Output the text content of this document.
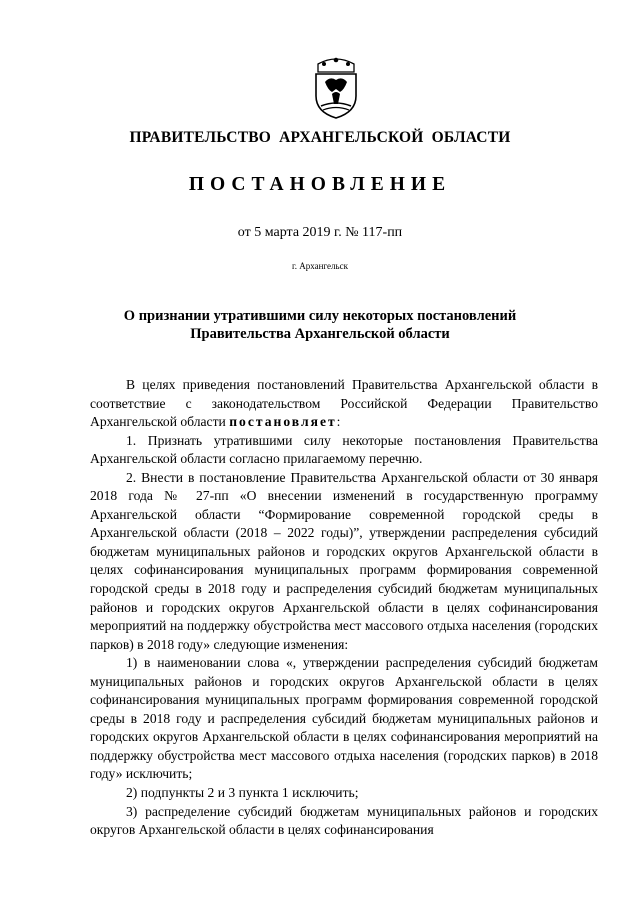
ПРАВИТЕЛЬСТВО АРХАНГЕЛЬСКОЙ ОБЛАСТИ
ПОСТАНОВЛЕНИЕ
от 5 марта 2019 г. № 117-пп
г. Архангельск
О признании утратившими силу некоторых постановлений
Правительства Архангельской области

В целях приведения постановлений Правительства Архангельской области в соответствие с законодательством Российской Федерации Правительство Архангельской области постановляет:

1. Признать утратившими силу некоторые постановления Правительства Архангельской области согласно прилагаемому перечню.

2. Внести в постановление Правительства Архангельской области от 30 января 2018 года № 27-пп «О внесении изменений в государственную программу Архангельской области “Формирование современной городской среды в Архангельской области (2018 – 2022 годы)”, утверждении распределения субсидий бюджетам муниципальных районов и городских округов Архангельской области в целях софинансирования муниципальных программ формирования современной городской среды в 2018 году и распределения субсидий бюджетам муниципальных районов и городских округов Архангельской области в целях софинансирования мероприятий на поддержку обустройства мест массового отдыха населения (городских парков) в 2018 году» следующие изменения:

1) в наименовании слова «, утверждении распределения субсидий бюджетам муниципальных районов и городских округов Архангельской области в целях софинансирования муниципальных программ формирования современной городской среды в 2018 году и распределения субсидий бюджетам муниципальных районов и городских округов Архангельской области в целях софинансирования мероприятий на поддержку обустройства мест массового отдыха населения (городских парков) в 2018 году» исключить;

2) подпункты 2 и 3 пункта 1 исключить;

3) распределение субсидий бюджетам муниципальных районов и городских округов Архангельской области в целях софинансирования
